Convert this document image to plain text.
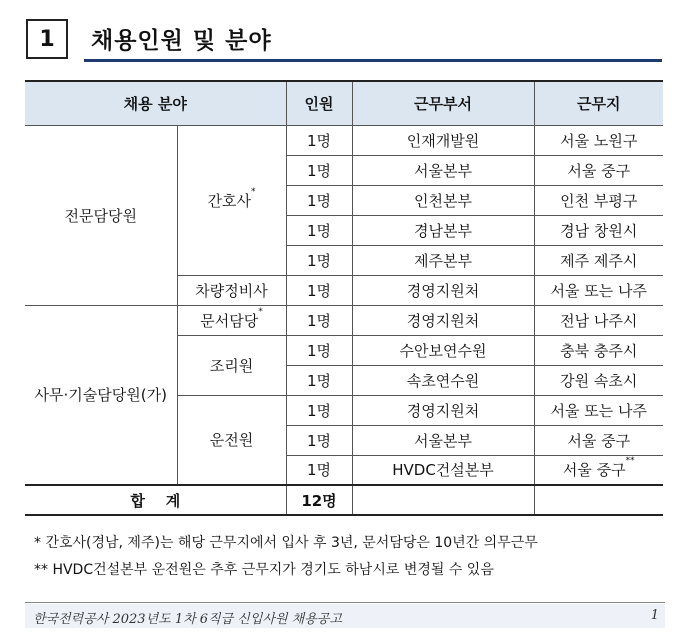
1 채용인원 및 분야
채용 분야		인원	근무부서	근무지
전문담당원	간호사*	1명	인재개발원	서울 노원구
		1명	서울본부	서울 중구
		1명	인천본부	인천 부평구
		1명	경남본부	경남 창원시
		1명	제주본부	제주 제주시
	차량정비사	1명	경영지원처	서울 또는 나주
사무·기술담당원(가)	문서담당*	1명	경영지원처	전남 나주시
	조리원	1명	수안보연수원	충북 충주시
		1명	속초연수원	강원 속초시
	운전원	1명	경영지원처	서울 또는 나주
		1명	서울본부	서울 중구
		1명	HVDC건설본부	서울 중구**
합    계		12명		
* 간호사(경남, 제주)는 해당 근무지에서 입사 후 3년, 문서담당은 10년간 의무근무
** HVDC건설본부 운전원은 추후 근무지가 경기도 하남시로 변경될 수 있음
한국전력공사 2023년도 1차 6직급 신입사원 채용공고	1
